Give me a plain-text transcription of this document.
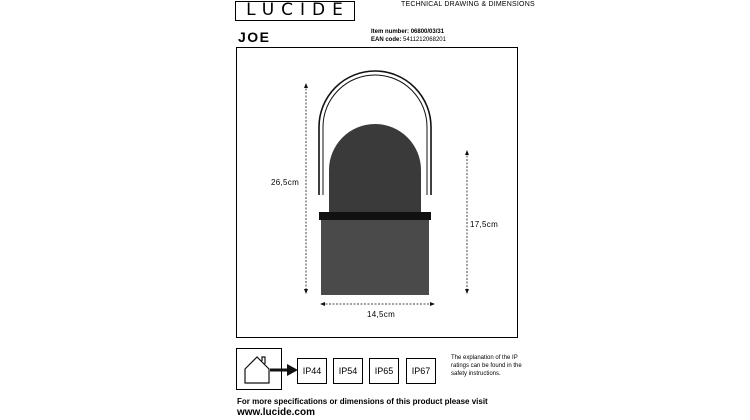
LUCIDE	TECHNICAL DRAWING & DIMENSIONS
JOE	Item number: 06800/03/31
EAN code: 5411212068201
26,5cm
17,5cm
14,5cm
IP44	IP54	IP65	IP67
The explanation of the IP ratings can be found in the safety instructions.
For more specifications or dimensions of this product please visit
www.lucide.com
